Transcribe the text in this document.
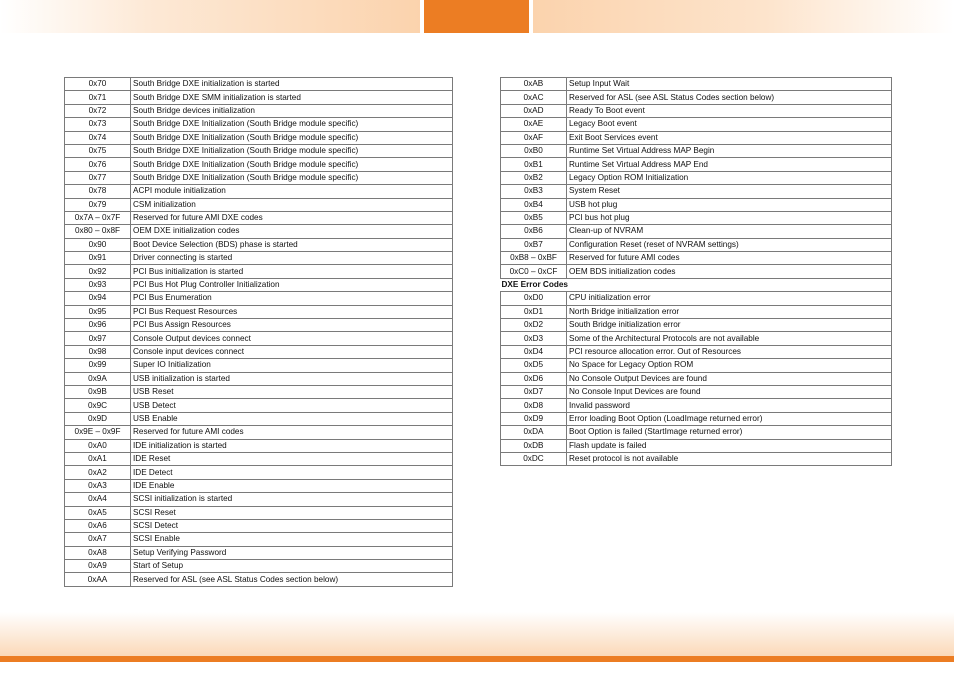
0x70	South Bridge DXE initialization is started
0x71	South Bridge DXE SMM initialization is started
0x72	South Bridge devices initialization
0x73	South Bridge DXE Initialization (South Bridge module specific)
0x74	South Bridge DXE Initialization (South Bridge module specific)
0x75	South Bridge DXE Initialization (South Bridge module specific)
0x76	South Bridge DXE Initialization (South Bridge module specific)
0x77	South Bridge DXE Initialization (South Bridge module specific)
0x78	ACPI module initialization
0x79	CSM initialization
0x7A – 0x7F	Reserved for future AMI DXE codes
0x80 – 0x8F	OEM DXE initialization codes
0x90	Boot Device Selection (BDS) phase is started
0x91	Driver connecting is started
0x92	PCI Bus initialization is started
0x93	PCI Bus Hot Plug Controller Initialization
0x94	PCI Bus Enumeration
0x95	PCI Bus Request Resources
0x96	PCI Bus Assign Resources
0x97	Console Output devices connect
0x98	Console input devices connect
0x99	Super IO Initialization
0x9A	USB initialization is started
0x9B	USB Reset
0x9C	USB Detect
0x9D	USB Enable
0x9E – 0x9F	Reserved for future AMI codes
0xA0	IDE initialization is started
0xA1	IDE Reset
0xA2	IDE Detect
0xA3	IDE Enable
0xA4	SCSI initialization is started
0xA5	SCSI Reset
0xA6	SCSI Detect
0xA7	SCSI Enable
0xA8	Setup Verifying Password
0xA9	Start of Setup
0xAA	Reserved for ASL (see ASL Status Codes section below)
0xAB	Setup Input Wait
0xAC	Reserved for ASL (see ASL Status Codes section below)
0xAD	Ready To Boot event
0xAE	Legacy Boot event
0xAF	Exit Boot Services event
0xB0	Runtime Set Virtual Address MAP Begin
0xB1	Runtime Set Virtual Address MAP End
0xB2	Legacy Option ROM Initialization
0xB3	System Reset
0xB4	USB hot plug
0xB5	PCI bus hot plug
0xB6	Clean-up of NVRAM
0xB7	Configuration Reset (reset of NVRAM settings)
0xB8 – 0xBF	Reserved for future AMI codes
0xC0 – 0xCF	OEM BDS initialization codes
DXE Error Codes	
0xD0	CPU initialization error
0xD1	North Bridge initialization error
0xD2	South Bridge initialization error
0xD3	Some of the Architectural Protocols are not available
0xD4	PCI resource allocation error. Out of Resources
0xD5	No Space for Legacy Option ROM
0xD6	No Console Output Devices are found
0xD7	No Console Input Devices are found
0xD8	Invalid password
0xD9	Error loading Boot Option (LoadImage returned error)
0xDA	Boot Option is failed (StartImage returned error)
0xDB	Flash update is failed
0xDC	Reset protocol is not available
